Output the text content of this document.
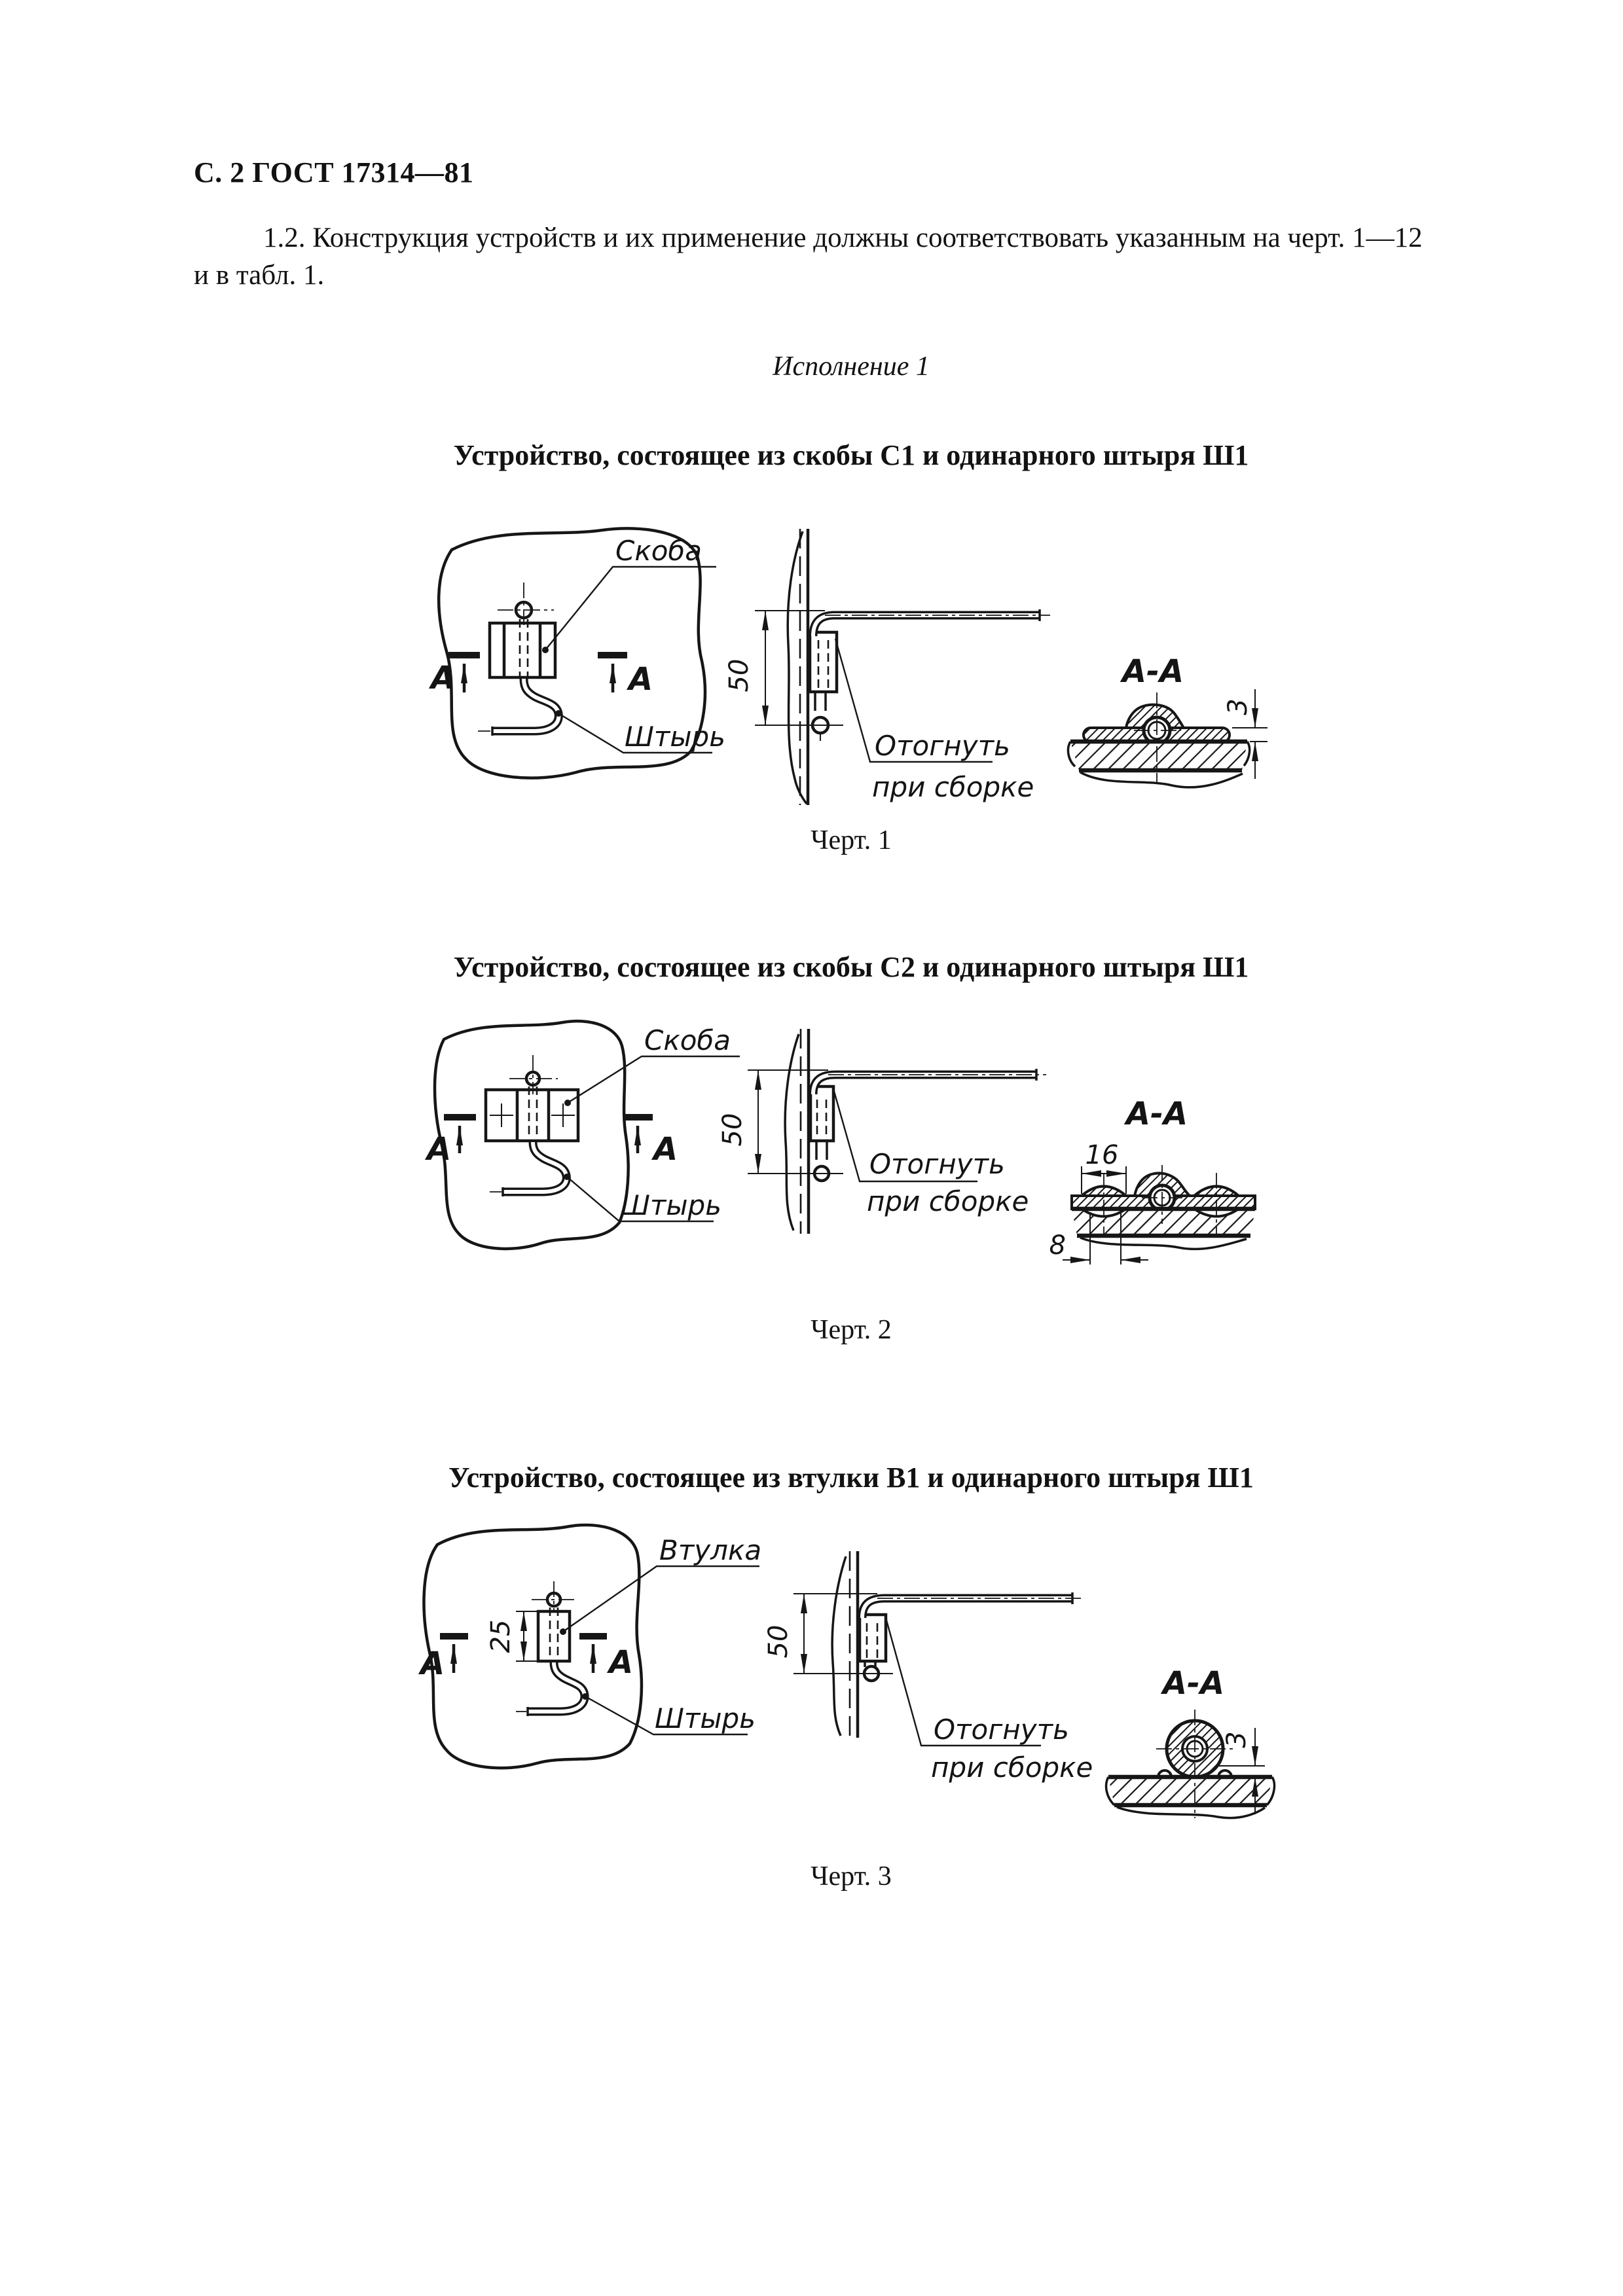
С. 2 ГОСТ 17314—81

1.2. Конструкция устройств и их применение должны соответствовать указанным на черт. 1—12
и в табл. 1.

Исполнение 1
Устройство, состоящее из скобы С1 и одинарного штыря Ш1
А	А
Скоба
Штырь
50
Отогнуть
при сборке
А-А
3
Черт. 1
Устройство, состоящее из скобы С2 и одинарного штыря Ш1
А	А
Скоба
Штырь
50
Отогнуть
при сборке
А-А
16
8
Черт. 2
Устройство, состоящее из втулки В1 и одинарного штыря Ш1
25
А	А
Втулка
Штырь
50
Отогнуть
при сборке
А-А
3
Черт. 3
